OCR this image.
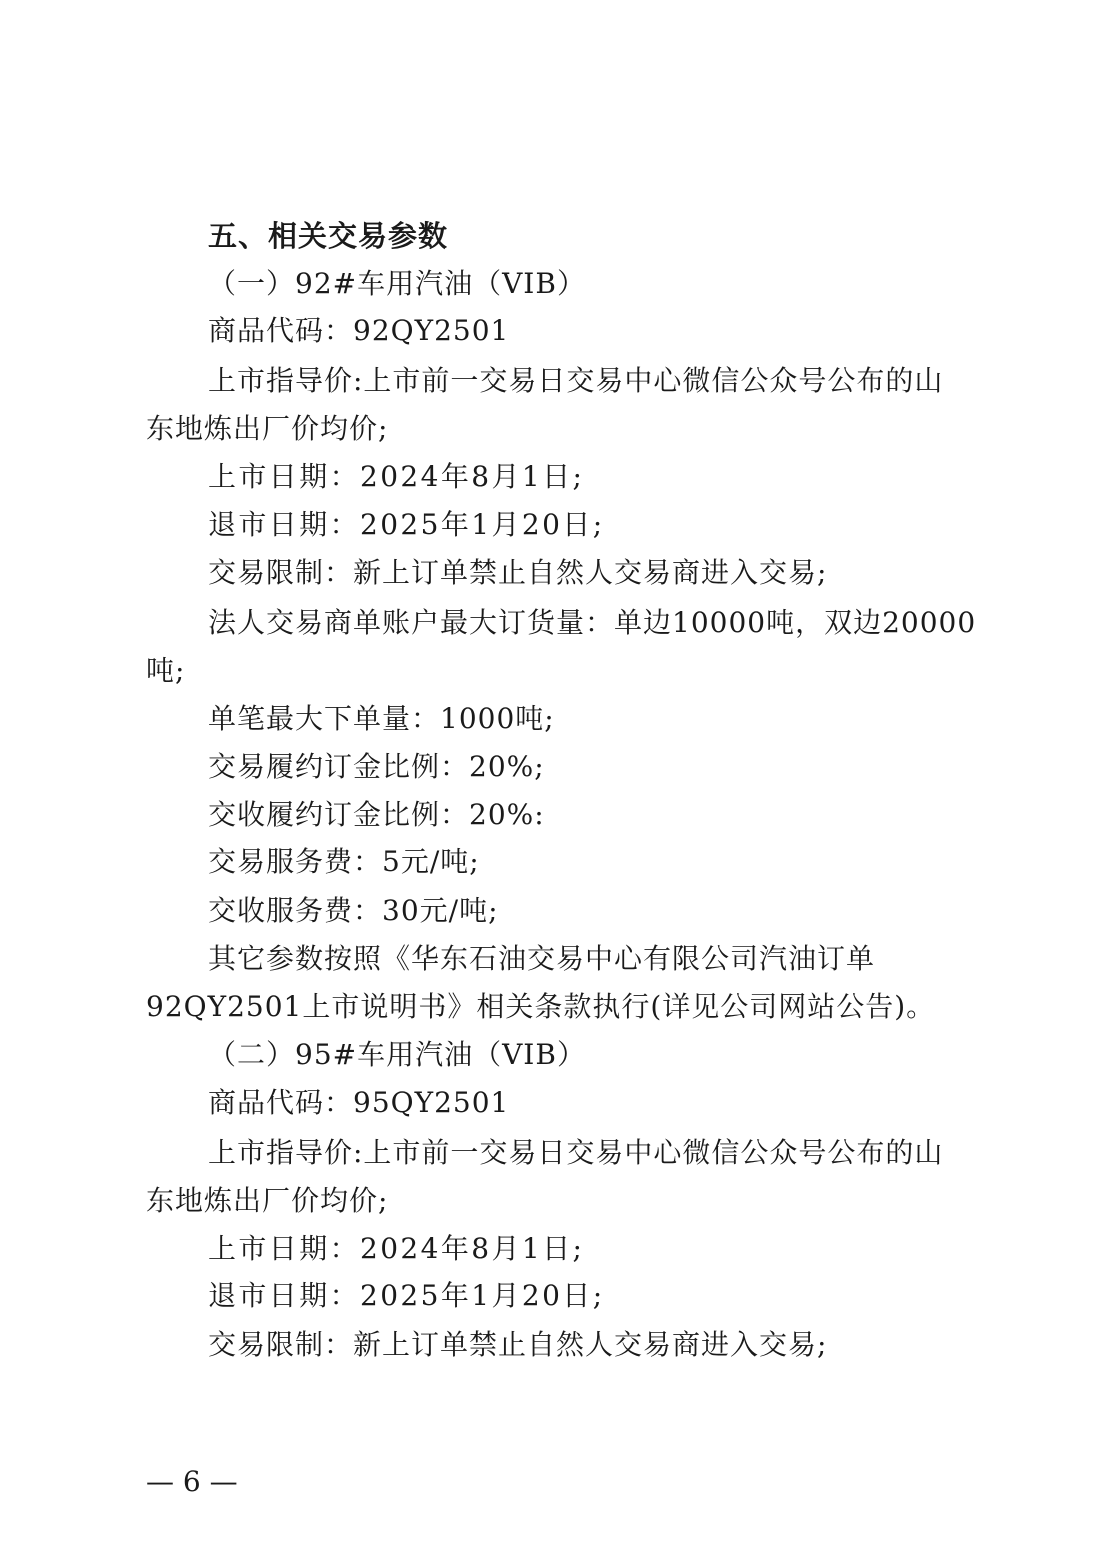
五、相关交易参数
（一）92#车用汽油（VIB）
商品代码：92QY2501
上市指导价:上市前一交易日交易中心微信公众号公布的山
东地炼出厂价均价;
上市日期：2024年8月1日;
退市日期：2025年1月20日;
交易限制：新上订单禁止自然人交易商进入交易;
法人交易商单账户最大订货量：单边10000吨，双边20000
吨;
单笔最大下单量：1000吨;
交易履约订金比例：20%;
交收履约订金比例：20%:
交易服务费：5元/吨;
交收服务费：30元/吨;
其它参数按照《华东石油交易中心有限公司汽油订单
92QY2501上市说明书》相关条款执行(详见公司网站公告)。
（二）95#车用汽油（VIB）
商品代码：95QY2501
上市指导价:上市前一交易日交易中心微信公众号公布的山
东地炼出厂价均价;
上市日期：2024年8月1日;
退市日期：2025年1月20日;
交易限制：新上订单禁止自然人交易商进入交易;
— 6 —
